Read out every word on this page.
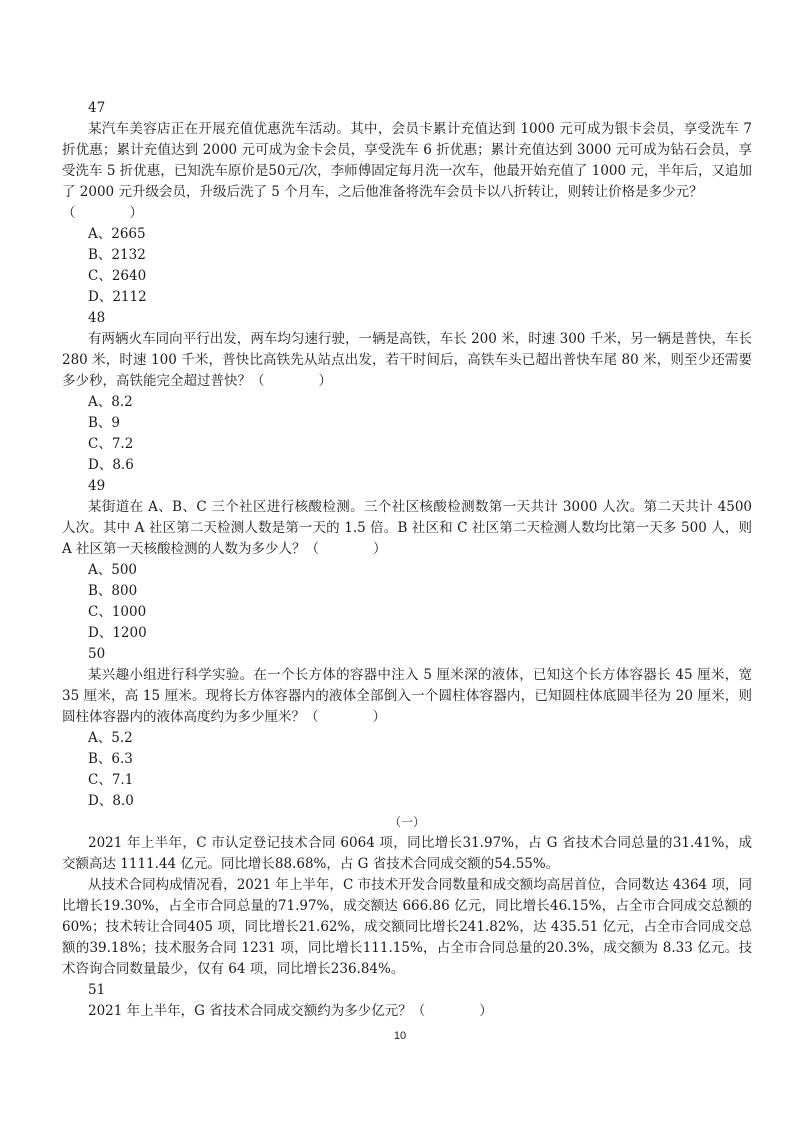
47

某汽车美容店正在开展充值优惠洗车活动。其中，会员卡累计充值达到 1000 元可成为银卡会员，享受洗车 7 折优惠；累计充值达到 2000 元可成为金卡会员，享受洗车 6 折优惠；累计充值达到 3000 元可成为钻石会员，享受洗车 5 折优惠，已知洗车原价是50元/次，李师傅固定每月洗一次车，他最开始充值了 1000 元，半年后，又追加了 2000 元升级会员，升级后洗了 5 个月车，之后他准备将洗车会员卡以八折转让，则转让价格是多少元？

（　　　　）
A、2665
B、2132
C、2640
D、2112
48

有两辆火车同向平行出发，两车均匀速行驶，一辆是高铁，车长 200 米，时速 300 千米，另一辆是普快，车长 280 米，时速 100 千米，普快比高铁先从站点出发，若干时间后，高铁车头已超出普快车尾 80 米，则至少还需要多少秒，高铁能完全超过普快？（　　　　）

A、8.2
B、9
C、7.2
D、8.6
49

某街道在 A、B、C 三个社区进行核酸检测。三个社区核酸检测数第一天共计 3000 人次。第二天共计 4500 人次。其中 A 社区第二天检测人数是第一天的 1.5 倍。B 社区和 C 社区第二天检测人数均比第一天多 500 人，则 A 社区第一天核酸检测的人数为多少人？（　　　　）

A、500
B、800
C、1000
D、1200
50

某兴趣小组进行科学实验。在一个长方体的容器中注入 5 厘米深的液体，已知这个长方体容器长 45 厘米，宽 35 厘米，高 15 厘米。现将长方体容器内的液体全部倒入一个圆柱体容器内，已知圆柱体底圆半径为 20 厘米，则圆柱体容器内的液体高度约为多少厘米？（　　　　）

A、5.2
B、6.3
C、7.1
D、8.0
（一）

2021 年上半年，C 市认定登记技术合同 6064 项，同比增长31.97%，占 G 省技术合同总量的31.41%，成交额高达 1111.44 亿元。同比增长88.68%，占 G 省技术合同成交额的54.55%。

从技术合同构成情况看，2021 年上半年，C 市技术开发合同数量和成交额均高居首位，合同数达 4364 项，同比增长19.30%，占全市合同总量的71.97%，成交额达 666.86 亿元，同比增长46.15%，占全市合同成交总额的60%；技术转让合同405 项，同比增长21.62%，成交额同比增长241.82%，达 435.51 亿元，占全市合同成交总额的39.18%；技术服务合同 1231 项，同比增长111.15%，占全市合同总量的20.3%，成交额为 8.33 亿元。技术咨询合同数量最少，仅有 64 项，同比增长236.84%。

51

2021 年上半年，G 省技术合同成交额约为多少亿元？（　　　　）

10
